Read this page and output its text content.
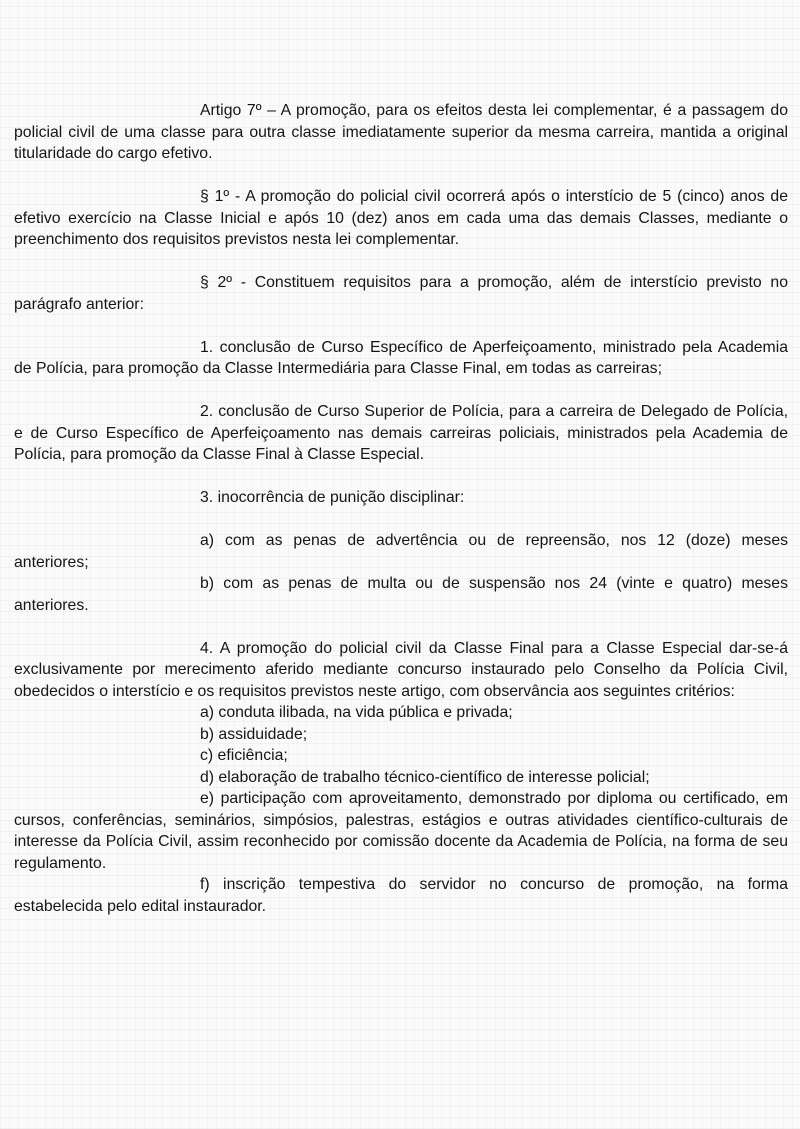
Artigo 7º – A promoção, para os efeitos desta lei complementar, é a passagem do policial civil de uma classe para outra classe imediatamente superior da mesma carreira, mantida a original titularidade do cargo efetivo.

§ 1º - A promoção do policial civil ocorrerá após o interstício de 5 (cinco) anos de efetivo exercício na Classe Inicial e após 10 (dez) anos em cada uma das demais Classes, mediante o preenchimento dos requisitos previstos nesta lei complementar.

§ 2º - Constituem requisitos para a promoção, além de interstício previsto no parágrafo anterior:

1. conclusão de Curso Específico de Aperfeiçoamento, ministrado pela Academia de Polícia, para promoção da Classe Intermediária para Classe Final, em todas as carreiras;

2. conclusão de Curso Superior de Polícia, para a carreira de Delegado de Polícia, e de Curso Específico de Aperfeiçoamento nas demais carreiras policiais, ministrados pela Academia de Polícia, para promoção da Classe Final à Classe Especial.

3. inocorrência de punição disciplinar:

a) com as penas de advertência ou de repreensão, nos 12 (doze) meses anteriores;

b) com as penas de multa ou de suspensão nos 24 (vinte e quatro) meses anteriores.

4. A promoção do policial civil da Classe Final para a Classe Especial dar-se-á exclusivamente por merecimento aferido mediante concurso instaurado pelo Conselho da Polícia Civil, obedecidos o interstício e os requisitos previstos neste artigo, com observância aos seguintes critérios:

a) conduta ilibada, na vida pública e privada;

b) assiduidade;

c) eficiência;

d) elaboração de trabalho técnico-científico de interesse policial;

e) participação com aproveitamento, demonstrado por diploma ou certificado, em cursos, conferências, seminários, simpósios, palestras, estágios e outras atividades científico-culturais de interesse da Polícia Civil, assim reconhecido por comissão docente da Academia de Polícia, na forma de seu regulamento.

f) inscrição tempestiva do servidor no concurso de promoção, na forma estabelecida pelo edital instaurador.
